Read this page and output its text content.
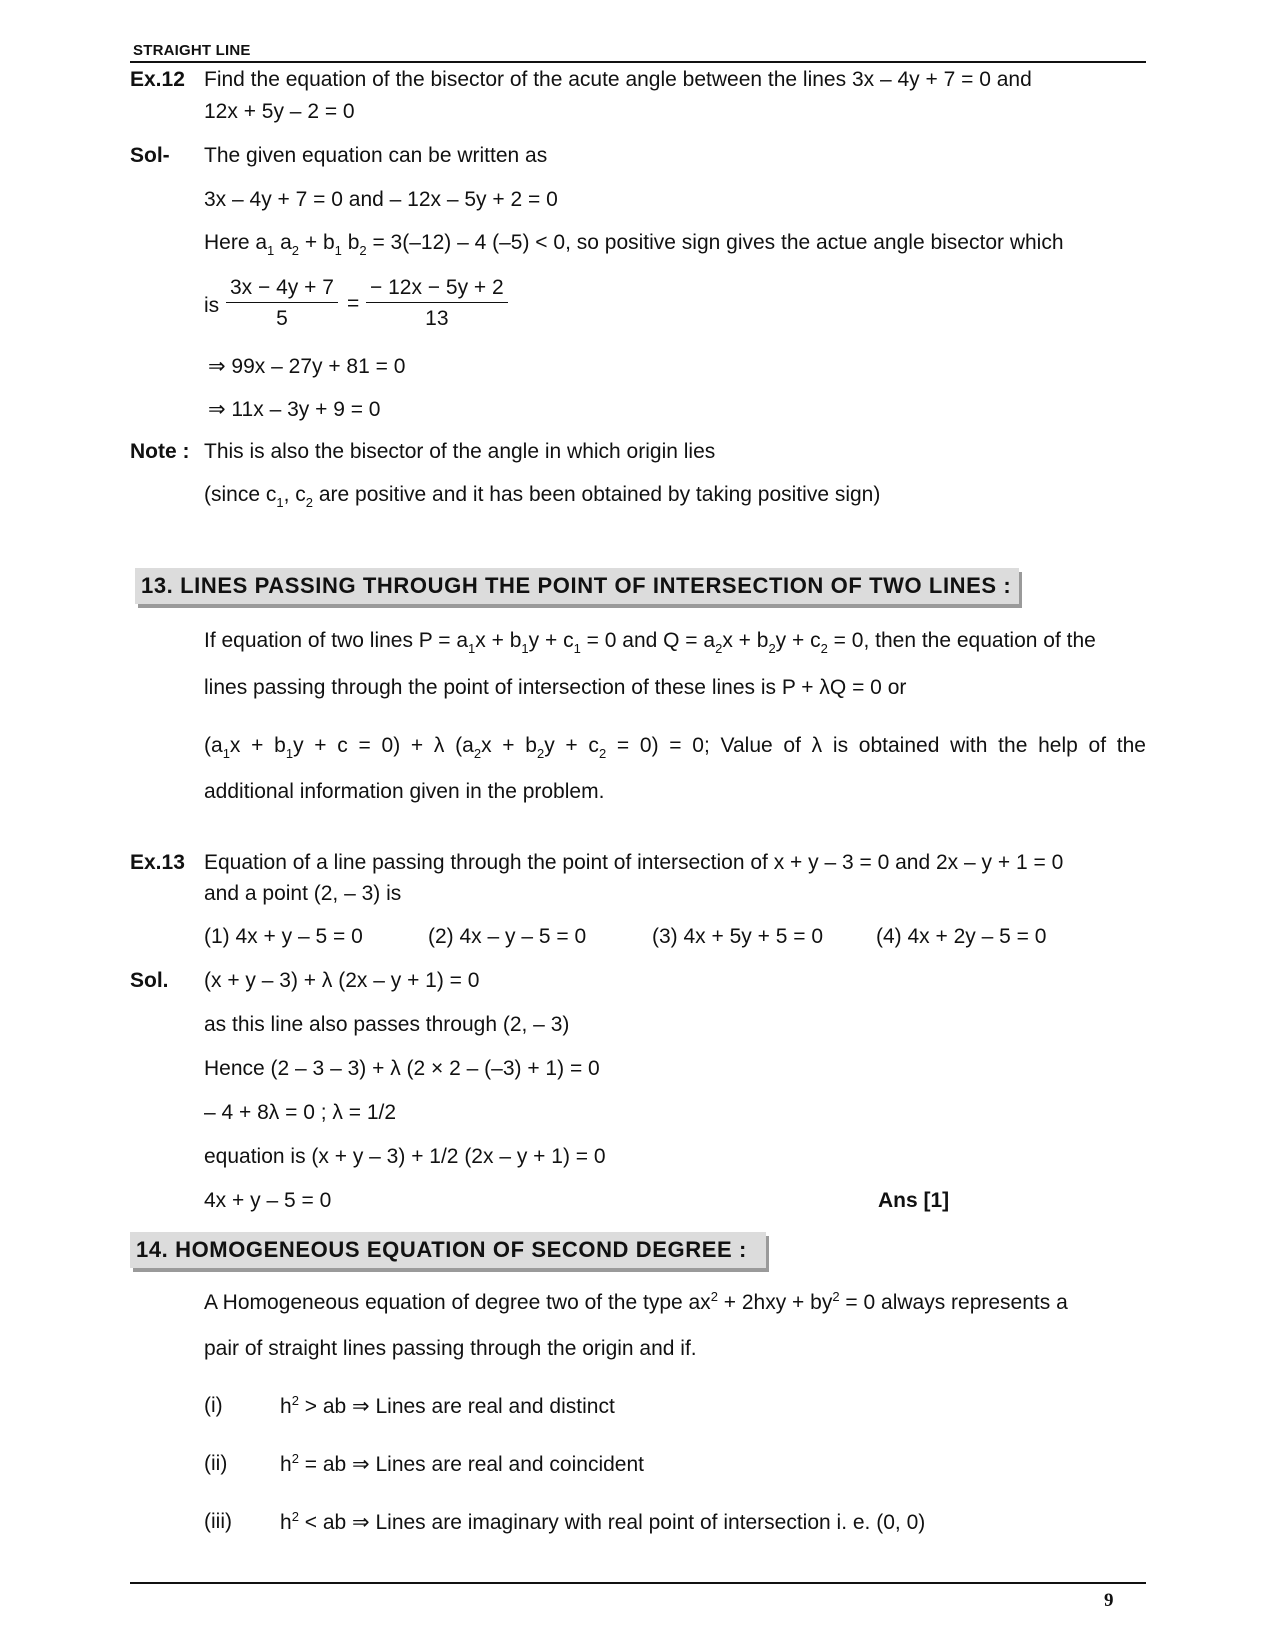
STRAIGHT LINE
Ex.12 Find the equation of the bisector of the acute angle between the lines 3x – 4y + 7 = 0 and
12x + 5y – 2 = 0
Sol- The given equation can be written as
3x – 4y + 7 = 0 and – 12x – 5y + 2 = 0
Here $a_1$ $a_2 + b_1$ $b_2 = 3(-12) - 4$ (–5) < 0, so positive sign gives the actue angle bisector which
is $\frac{3x - 4y + 7}{5} = \frac{- 12x - 5y + 2}{13}$
⇒ 99x – 27y + 81 = 0
⇒ 11x – 3y + 9 = 0
Note : This is also the bisector of the angle in which origin lies
(since $c_1$, $c_2$ are positive and it has been obtained by taking positive sign)
13. LINES PASSING THROUGH THE POINT OF INTERSECTION OF TWO LINES :
If equation of two lines $P = a_1x + b_1y + c_1 = 0$ and $Q = a_2x + b_2y + c_2 = 0$, then the equation of the
lines passing through the point of intersection of these lines is P + λQ = 0 or
$(a_1x + b_1y + c = 0) + \lambda$ $(a_2x + b_2y + c_2 = 0) = 0$; Value of λ is obtained with the help of the
additional information given in the problem.
Ex.13 Equation of a line passing through the point of intersection of x + y – 3 = 0 and 2x – y + 1 = 0
and a point (2, – 3) is
(1) 4x + y – 5 = 0	(2) 4x – y – 5 = 0	(3) 4x + 5y + 5 = 0	(4) 4x + 2y – 5 = 0
Sol. (x + y – 3) + λ (2x – y + 1) = 0
as this line also passes through (2, – 3)
Hence (2 – 3 – 3) + λ (2 × 2 – (–3) + 1) = 0
– 4 + 8λ = 0 ; λ = 1/2
equation is (x + y – 3) + 1/2 (2x – y + 1) = 0
4x + y – 5 = 0	Ans [1]
14. HOMOGENEOUS EQUATION OF SECOND DEGREE :
A Homogeneous equation of degree two of the type $ax^2 + 2hxy + by^2 = 0$ always represents a
pair of straight lines passing through the origin and if.
(i)	$h^2$ > ab ⇒ Lines are real and distinct
(ii)	$h^2$ = ab ⇒ Lines are real and coincident
(iii) $h^2$ < ab ⇒ Lines are imaginary with real point of intersection i. e. (0, 0)
9
